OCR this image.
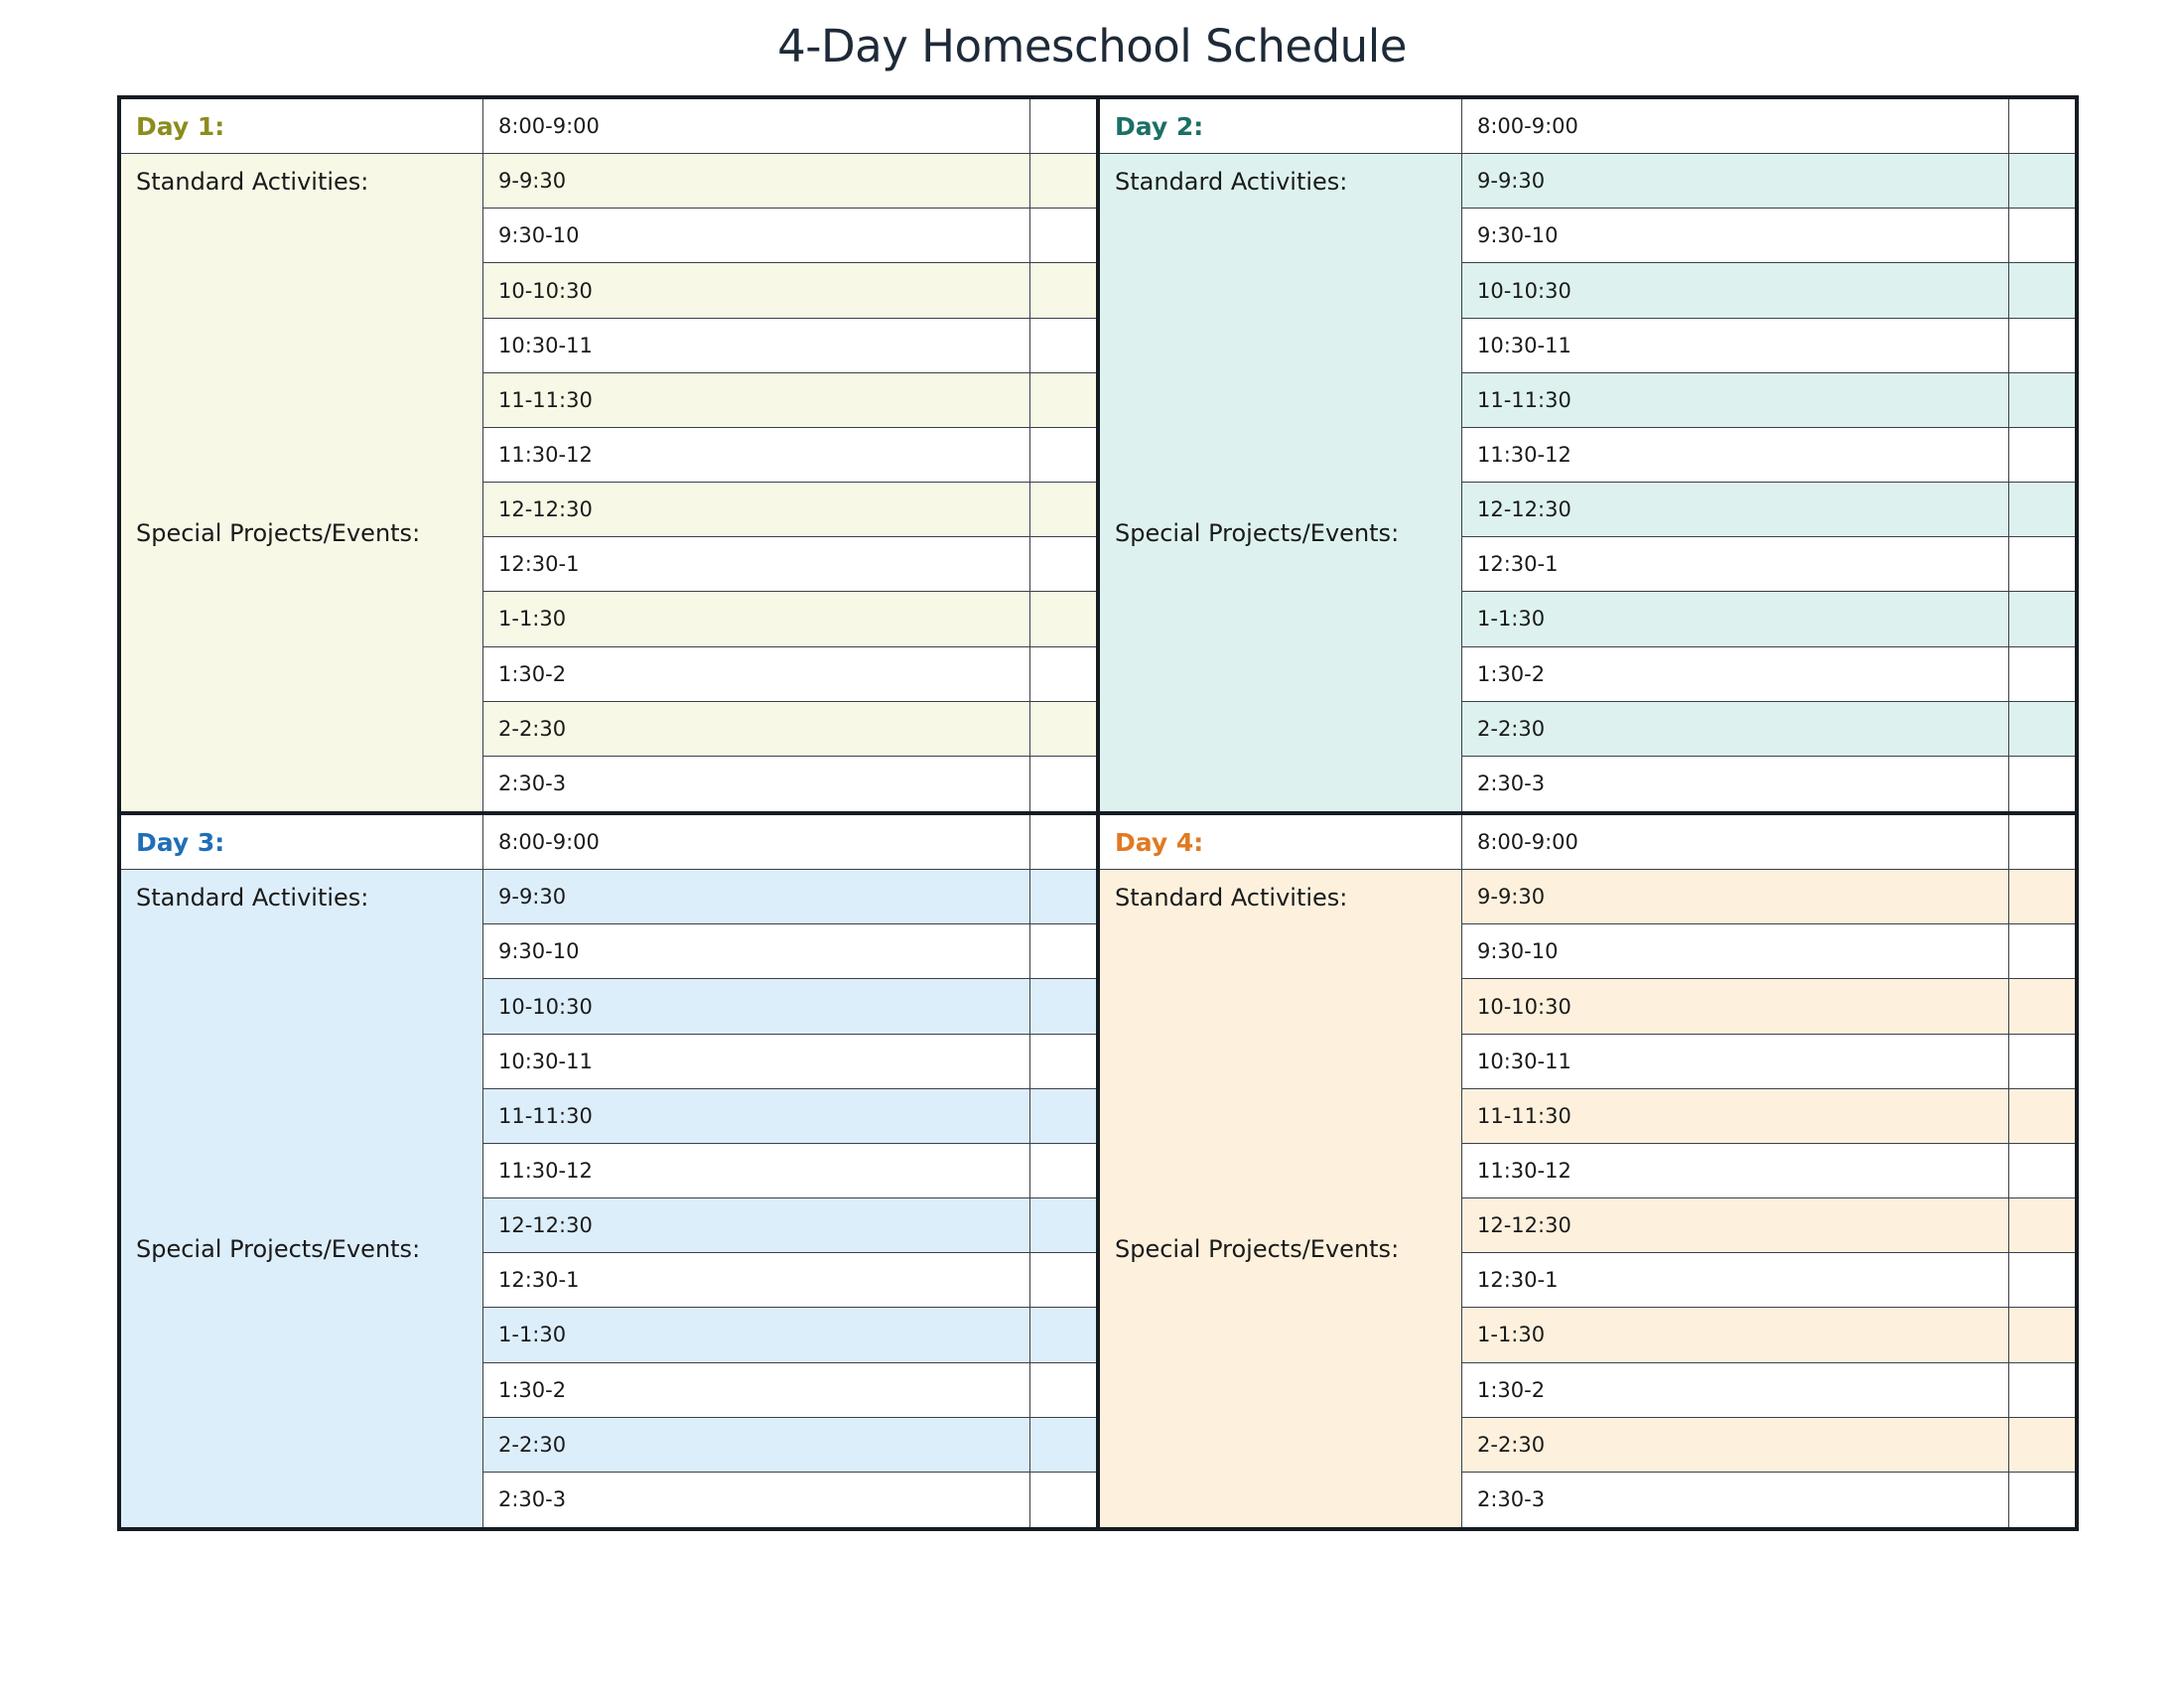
4-Day Homeschool Schedule
Day 1:
Standard Activities:
Special Projects/Events:
8:00-9:00
9-9:30
9:30-10
10-10:30
10:30-11
11-11:30
11:30-12
12-12:30
12:30-1
1-1:30
1:30-2
2-2:30
2:30-3
Day 2:
Standard Activities:
Special Projects/Events:
8:00-9:00
9-9:30
9:30-10
10-10:30
10:30-11
11-11:30
11:30-12
12-12:30
12:30-1
1-1:30
1:30-2
2-2:30
2:30-3
Day 3:
Standard Activities:
Special Projects/Events:
8:00-9:00
9-9:30
9:30-10
10-10:30
10:30-11
11-11:30
11:30-12
12-12:30
12:30-1
1-1:30
1:30-2
2-2:30
2:30-3
Day 4:
Standard Activities:
Special Projects/Events:
8:00-9:00
9-9:30
9:30-10
10-10:30
10:30-11
11-11:30
11:30-12
12-12:30
12:30-1
1-1:30
1:30-2
2-2:30
2:30-3
